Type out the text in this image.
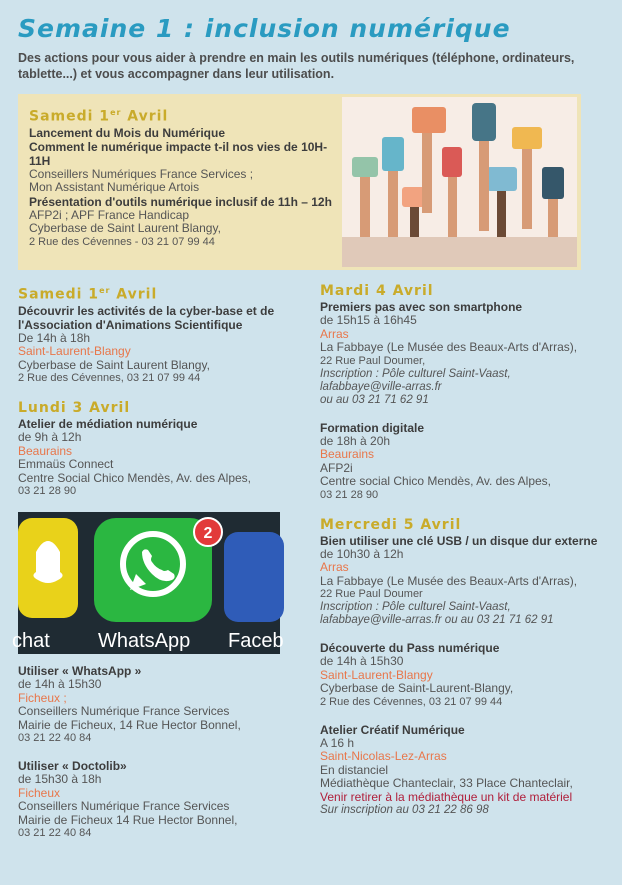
Semaine 1 : inclusion numérique
Des actions pour vous aider à prendre en main les outils numériques (téléphone, ordinateurs, tablette...) et vous accompagner dans leur utilisation.
Samedi 1er Avril
Lancement du Mois du Numérique
Comment le numérique impacte t-il nos vies de 10H-11H
Conseillers Numériques France Services ;
Mon Assistant Numérique Artois
Présentation d'outils numérique inclusif de 11h – 12h
AFP2i ; APF France Handicap
Cyberbase de Saint Laurent Blangy,
2 Rue des Cévennes - 03 21 07 99 44
Samedi 1er Avril
Découvrir les activités de la cyber-base et de l'Association d'Animations Scientifique
De 14h à 18h
Saint-Laurent-Blangy
Cyberbase de Saint Laurent Blangy,
2 Rue des Cévennes, 03 21 07 99 44
Lundi 3 Avril
Atelier de médiation numérique
de 9h à 12h
Beaurains
Emmaüs Connect
Centre Social Chico Mendès, Av. des Alpes,
03 21 28 90
2
chat WhatsApp Faceb
Utiliser « WhatsApp »
de 14h à 15h30
Ficheux ;
Conseillers Numérique France Services
Mairie de Ficheux, 14 Rue Hector Bonnel,
03 21 22 40 84
Utiliser « Doctolib»
de 15h30 à 18h
Ficheux
Conseillers Numérique France Services
Mairie de Ficheux 14 Rue Hector Bonnel,
03 21 22 40 84
Mardi 4 Avril
Premiers pas avec son smartphone
de 15h15 à 16h45
Arras
La Fabbaye (Le Musée des Beaux-Arts d'Arras),
22 Rue Paul Doumer,
Inscription : Pôle culturel Saint-Vaast,
lafabbaye@ville-arras.fr
ou au 03 21 71 62 91
Formation digitale
de 18h à 20h
Beaurains
AFP2i
Centre social Chico Mendès, Av. des Alpes,
03 21 28 90
Mercredi 5 Avril
Bien utiliser une clé USB / un disque dur externe
de 10h30 à 12h
Arras
La Fabbaye (Le Musée des Beaux-Arts d'Arras),
22 Rue Paul Doumer
Inscription : Pôle culturel Saint-Vaast,
lafabbaye@ville-arras.fr ou au 03 21 71 62 91
Découverte du Pass numérique
de 14h à 15h30
Saint-Laurent-Blangy
Cyberbase de Saint-Laurent-Blangy,
2 Rue des Cévennes, 03 21 07 99 44
Atelier Créatif Numérique
A 16 h
Saint-Nicolas-Lez-Arras
En distanciel
Médiathèque Chanteclair, 33 Place Chanteclair,
Venir retirer à la médiathèque un kit de matériel
Sur inscription au 03 21 22 86 98
